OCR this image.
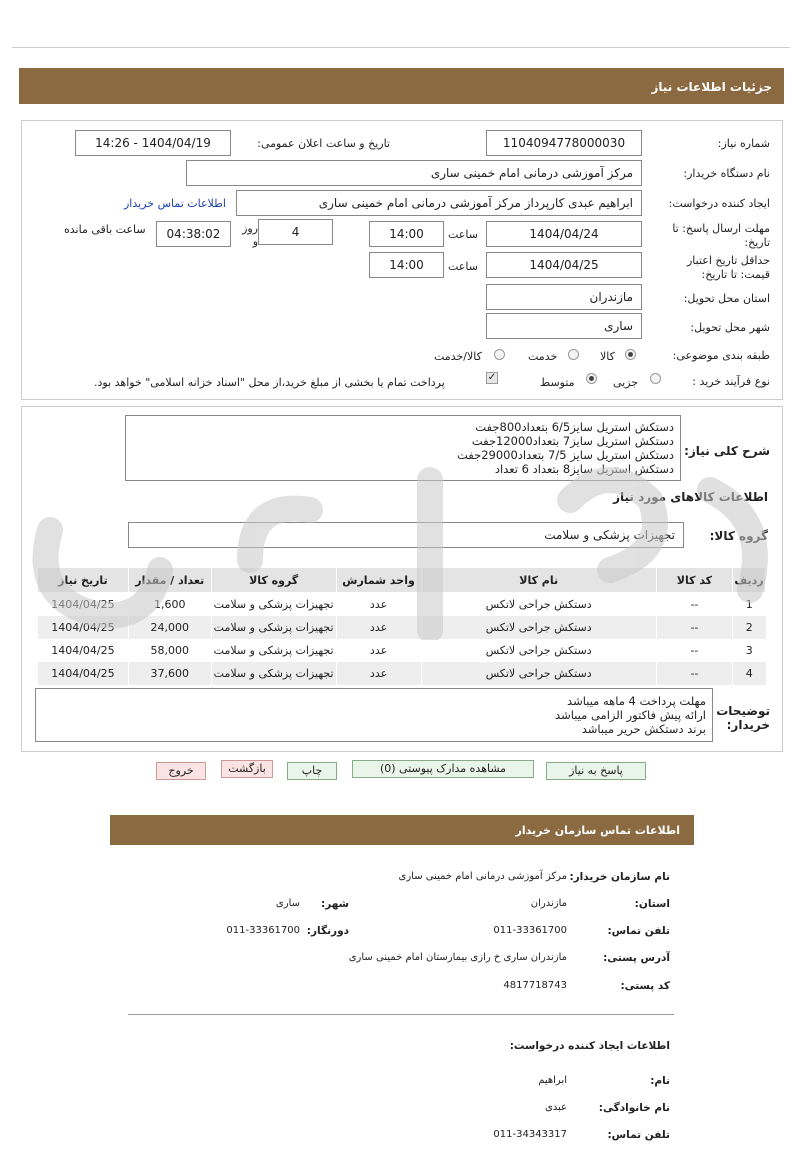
جزئیات اطلاعات نیاز
شماره نیاز:
1104094778000030
تاریخ و ساعت اعلان عمومی:
1404/04/19 - 14:26
نام دستگاه خریدار:
مرکز آموزشی درمانی امام خمینی ساری
ایجاد کننده درخواست:
ابراهیم عبدی کارپرداز مرکز آموزشی درمانی امام خمینی ساری
اطلاعات تماس خریدار
مهلت ارسال پاسخ: تا تاریخ:
1404/04/24
ساعت
14:00
4
روز و
04:38:02
ساعت باقی مانده
حداقل تاریخ اعتبار قیمت: تا تاریخ:
1404/04/25
ساعت
14:00
استان محل تحویل:
مازندران
شهر محل تحویل:
ساری
طبقه بندی موضوعی:
کالا
خدمت
کالا/خدمت
نوع فرآیند خرید :
جزیی
متوسط
✓
پرداخت تمام یا بخشی از مبلغ خرید،از محل "اسناد خزانه اسلامی" خواهد بود.
شرح کلی نیاز:
دستکش استریل سایز6/5 بتعداد800جفت
دستکش استریل سایز7 بتعداد12000جفت
دستکش استریل سایز 7/5 بتعداد29000جفت
دستکش استریل سایز8 بتعداد 6 تعداد
اطلاعات کالاهای مورد نیاز
گروه کالا:
تجهیزات پزشکی و سلامت
ردیف	کد کالا	نام کالا	واحد شمارش	گروه کالا	تعداد / مقدار	تاریخ نیاز
1	--	دستکش جراحی لاتکس	عدد	تجهیزات پزشکی و سلامت	1,600	1404/04/25
2	--	دستکش جراحی لاتکس	عدد	تجهیزات پزشکی و سلامت	24,000	1404/04/25
3	--	دستکش جراحی لاتکس	عدد	تجهیزات پزشکی و سلامت	58,000	1404/04/25
4	--	دستکش جراحی لاتکس	عدد	تجهیزات پزشکی و سلامت	37,600	1404/04/25
توضیحات خریدار:
مهلت پرداخت 4 ماهه میباشد
ارائه پیش فاکتور الزامی میباشد
برند دستکش حریر میباشد
پاسخ به نیاز
مشاهده مدارک پیوستی (0)
چاپ
بازگشت
خروج
اطلاعات تماس سازمان خریدار
نام سازمان خریدار:
مرکز آموزشی درمانی امام خمینی ساری
استان:
مازندران
شهر:
ساری
تلفن تماس:
011-33361700
دورنگار:
011-33361700
آدرس پستی:
مازندران ساری خ رازی بیمارستان امام خمینی ساری
کد پستی:
4817718743
اطلاعات ایجاد کننده درخواست:
نام:
ابراهیم
نام خانوادگی:
عبدی
تلفن تماس:
011-34343317
